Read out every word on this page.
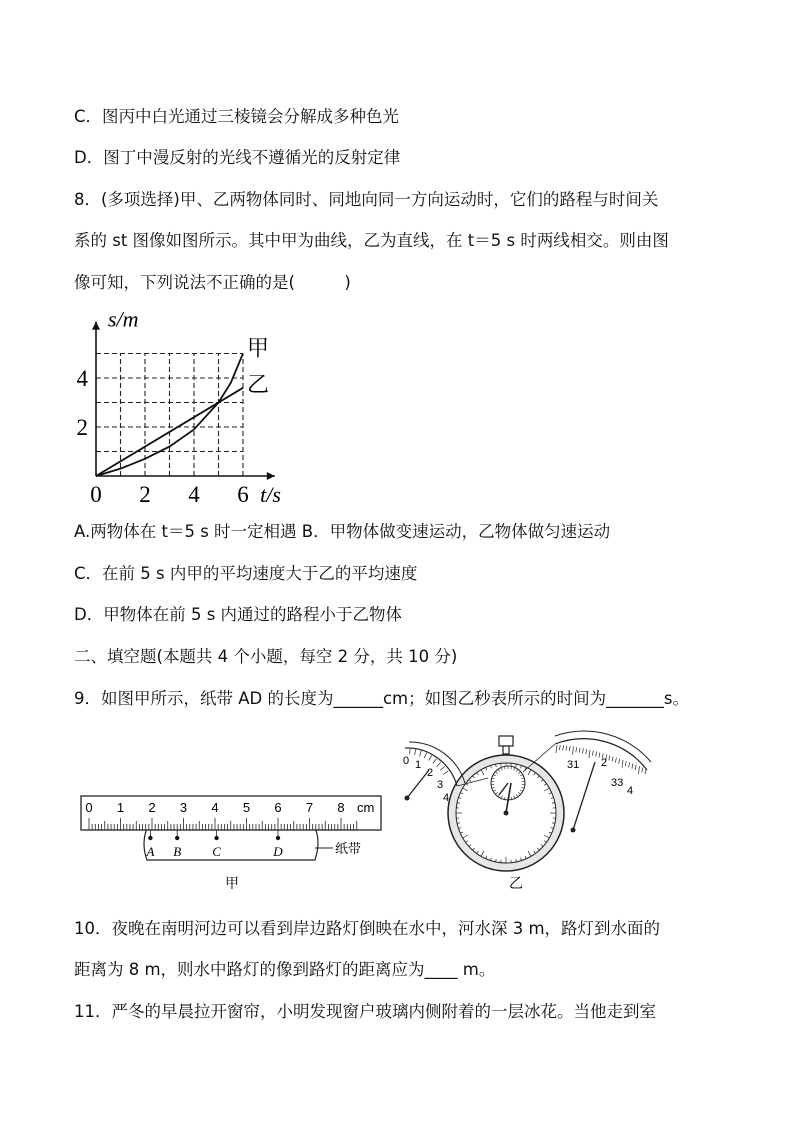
C．图丙中白光通过三棱镜会分解成多种色光
D．图丁中漫反射的光线不遵循光的反射定律
8．(多项选择)甲、乙两物体同时、同地向同一方向运动时，它们的路程与时间关
系的 st 图像如图所示。其中甲为曲线，乙为直线，在 t＝5 s 时两线相交。则由图
像可知，下列说法不正确的是(　　　)
0 2 4 6
2
4
t/s
s/m
甲
乙
A.两物体在 t＝5 s 时一定相遇 B．甲物体做变速运动，乙物体做匀速运动
C．在前 5 s 内甲的平均速度大于乙的平均速度
D．甲物体在前 5 s 内通过的路程小于乙物体
二、填空题(本题共 4 个小题，每空 2 分，共 10 分)
9．如图甲所示，纸带 AD 的长度为______cm；如图乙秒表所示的时间为_______s。
0 1 2 3 4 5 6 7 8 cm
A B C	D	纸带
甲
0 1
2
3
4
31 2
33
4
乙
10．夜晚在南明河边可以看到岸边路灯倒映在水中，河水深 3 m，路灯到水面的
距离为 8 m，则水中路灯的像到路灯的距离应为____ m。
11．严冬的早晨拉开窗帘，小明发现窗户玻璃内侧附着的一层冰花。当他走到室
